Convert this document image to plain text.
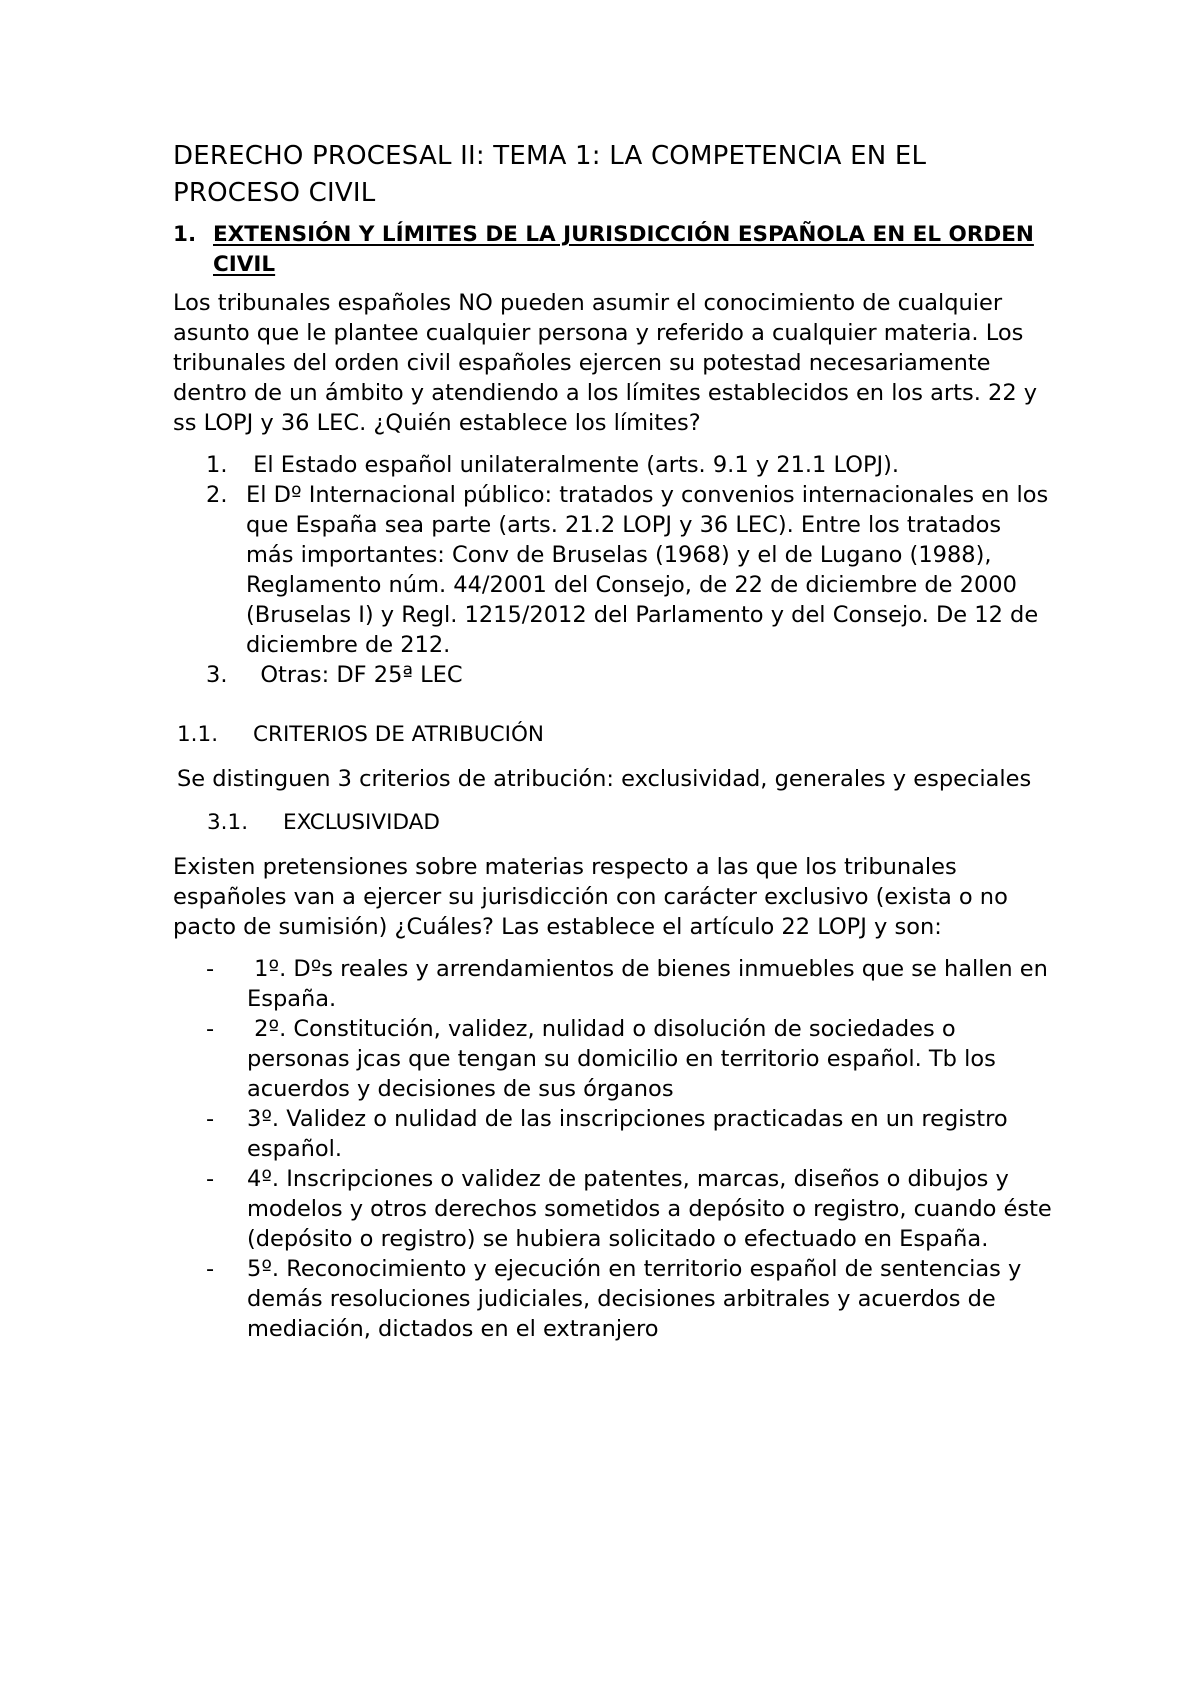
DERECHO PROCESAL II: TEMA 1: LA COMPETENCIA EN EL PROCESO CIVIL
1. EXTENSIÓN Y LÍMITES DE LA JURISDICCIÓN ESPAÑOLA EN EL ORDEN CIVIL

Los tribunales españoles NO pueden asumir el conocimiento de cualquier asunto que le plantee cualquier persona y referido a cualquier materia. Los tribunales del orden civil españoles ejercen su potestad necesariamente dentro de un ámbito y atendiendo a los límites establecidos en los arts. 22 y ss LOPJ y 36 LEC. ¿Quién establece los límites?

1. El Estado español unilateralmente (arts. 9.1 y 21.1 LOPJ).
2. El Dº Internacional público: tratados y convenios internacionales en los que España sea parte (arts. 21.2 LOPJ y 36 LEC). Entre los tratados más importantes: Conv de Bruselas (1968) y el de Lugano (1988), Reglamento núm. 44/2001 del Consejo, de 22 de diciembre de 2000 (Bruselas I) y Regl. 1215/2012 del Parlamento y del Consejo. De 12 de diciembre de 212.
3. Otras: DF 25ª LEC
1.1.	CRITERIOS DE ATRIBUCIÓN

Se distinguen 3 criterios de atribución: exclusividad, generales y especiales

3.1.	EXCLUSIVIDAD

Existen pretensiones sobre materias respecto a las que los tribunales españoles van a ejercer su jurisdicción con carácter exclusivo (exista o no pacto de sumisión) ¿Cuáles? Las establece el artículo 22 LOPJ y son:

-	1º. Dºs reales y arrendamientos de bienes inmuebles que se hallen en España.
-	2º. Constitución, validez, nulidad o disolución de sociedades o personas jcas que tengan su domicilio en territorio español. Tb los acuerdos y decisiones de sus órganos
-	3º. Validez o nulidad de las inscripciones practicadas en un registro español.
-	4º. Inscripciones o validez de patentes, marcas, diseños o dibujos y modelos y otros derechos sometidos a depósito o registro, cuando éste (depósito o registro) se hubiera solicitado o efectuado en España.
-	5º. Reconocimiento y ejecución en territorio español de sentencias y demás resoluciones judiciales, decisiones arbitrales y acuerdos de mediación, dictados en el extranjero
